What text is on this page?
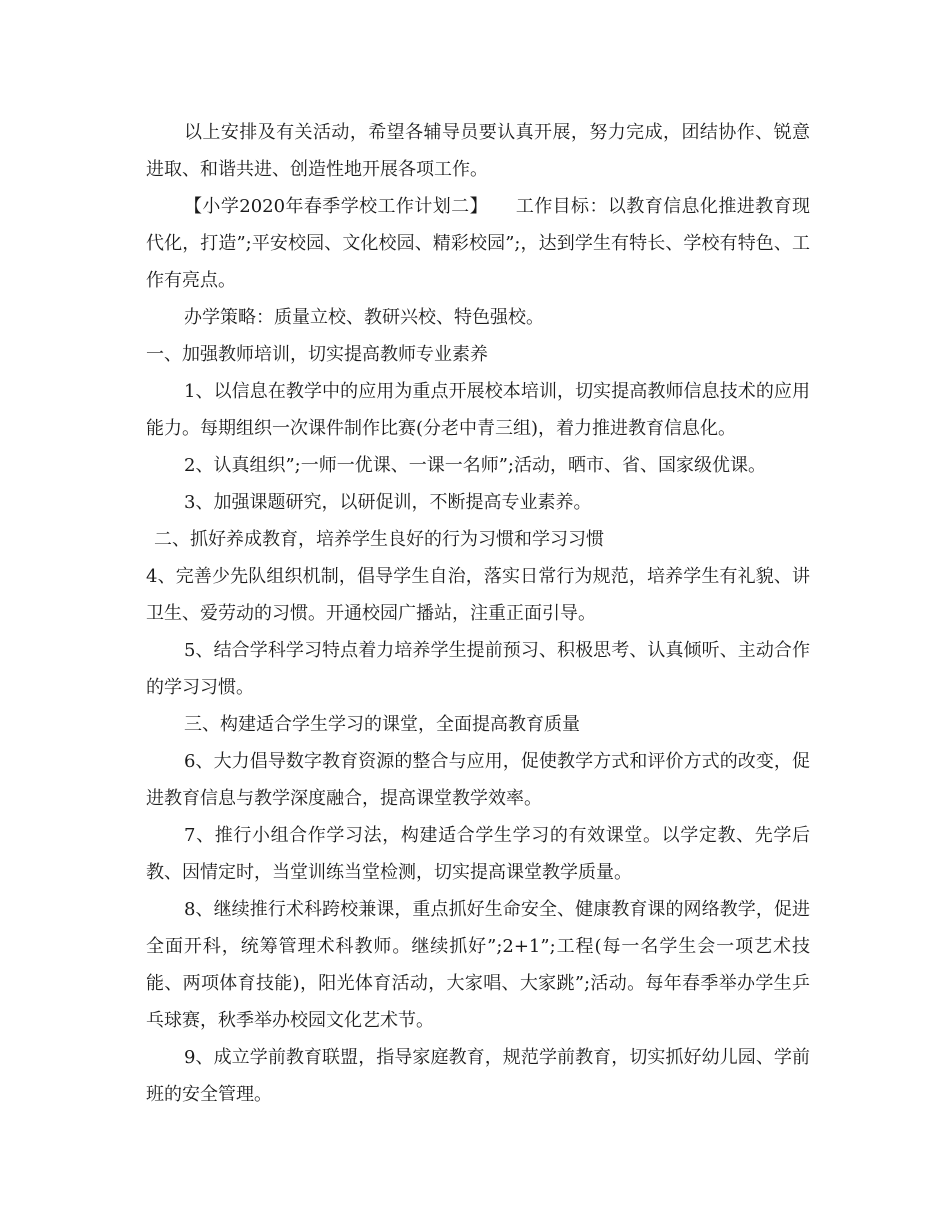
以上安排及有关活动，希望各辅导员要认真开展，努力完成，团结协作、锐意进取、和谐共进、创造性地开展各项工作。

【小学2020年春季学校工作计划二】　　工作目标：以教育信息化推进教育现代化，打造”;平安校园、文化校园、精彩校园”;，达到学生有特长、学校有特色、工作有亮点。

办学策略：质量立校、教研兴校、特色强校。

一、加强教师培训，切实提高教师专业素养

1、以信息在教学中的应用为重点开展校本培训，切实提高教师信息技术的应用能力。每期组织一次课件制作比赛(分老中青三组)，着力推进教育信息化。

2、认真组织”;一师一优课、一课一名师”;活动，晒市、省、国家级优课。

3、加强课题研究，以研促训，不断提高专业素养。

二、抓好养成教育，培养学生良好的行为习惯和学习习惯

4、完善少先队组织机制，倡导学生自治，落实日常行为规范，培养学生有礼貌、讲卫生、爱劳动的习惯。开通校园广播站，注重正面引导。

5、结合学科学习特点着力培养学生提前预习、积极思考、认真倾听、主动合作的学习习惯。

三、构建适合学生学习的课堂，全面提高教育质量

6、大力倡导数字教育资源的整合与应用，促使教学方式和评价方式的改变，促进教育信息与教学深度融合，提高课堂教学效率。

7、推行小组合作学习法，构建适合学生学习的有效课堂。以学定教、先学后教、因情定时，当堂训练当堂检测，切实提高课堂教学质量。

8、继续推行术科跨校兼课，重点抓好生命安全、健康教育课的网络教学，促进全面开科，统筹管理术科教师。继续抓好”;2+1”;工程(每一名学生会一项艺术技能、两项体育技能)，阳光体育活动，大家唱、大家跳”;活动。每年春季举办学生乒乓球赛，秋季举办校园文化艺术节。

9、成立学前教育联盟，指导家庭教育，规范学前教育，切实抓好幼儿园、学前班的安全管理。
